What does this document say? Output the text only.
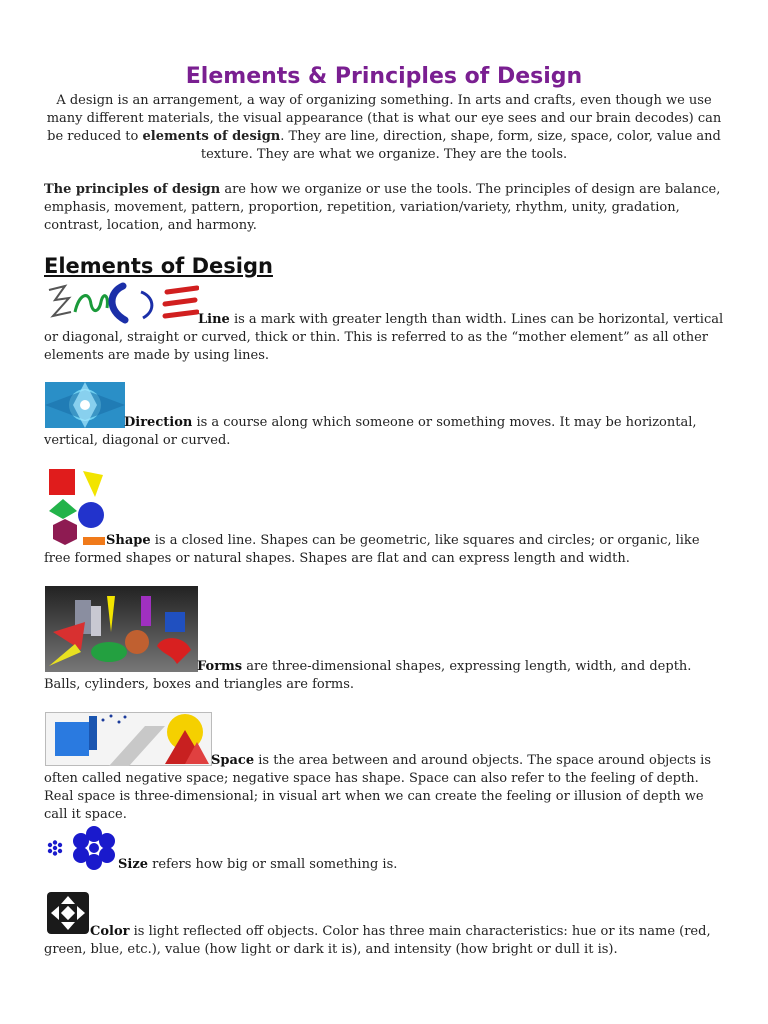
Elements & Principles of Design
A design is an arrangement, a way of organizing something. In arts and crafts, even though we use many different materials, the visual appearance (that is what our eye sees and our brain decodes) can be reduced to elements of design. They are line, direction, shape, form, size, space, color, value and texture. They are what we organize. They are the tools.
The principles of design are how we organize or use the tools. The principles of design are balance, emphasis, movement, pattern, proportion, repetition, variation/variety, rhythm, unity, gradation, contrast, location, and harmony.
Elements of Design
Line is a mark with greater length than width. Lines can be horizontal, vertical or diagonal, straight or curved, thick or thin. This is referred to as the “mother element” as all other elements are made by using lines.
Direction is a course along which someone or something moves. It may be horizontal, vertical, diagonal or curved.
Shape is a closed line. Shapes can be geometric, like squares and circles; or organic, like free formed shapes or natural shapes. Shapes are flat and can express length and width.
Forms are three-dimensional shapes, expressing length, width, and depth. Balls, cylinders, boxes and triangles are forms.
Space is the area between and around objects. The space around objects is often called negative space; negative space has shape. Space can also refer to the feeling of depth. Real space is three-dimensional; in visual art when we can create the feeling or illusion of depth we call it space.
Size refers how big or small something is.
Color is light reflected off objects. Color has three main characteristics: hue or its name (red, green, blue, etc.), value (how light or dark it is), and intensity (how bright or dull it is).
